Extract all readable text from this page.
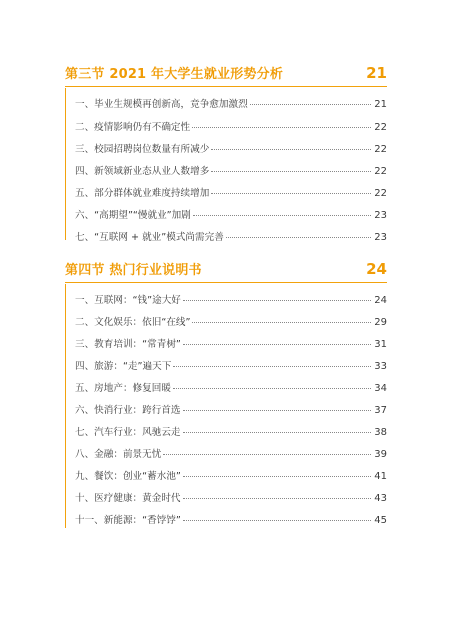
第三节 2021 年大学生就业形势分析	21
一、毕业生规模再创新高，竞争愈加激烈	21
二、疫情影响仍有不确定性	22
三、校园招聘岗位数量有所减少	22
四、新领域新业态从业人数增多	22
五、部分群体就业难度持续增加	22
六、“高期望”“慢就业”加剧	23
七、“互联网 + 就业”模式尚需完善	23
第四节 热门行业说明书	24
一、互联网：“钱”途大好	24
二、文化娱乐：依旧“在线”	29
三、教育培训：“常青树”	31
四、旅游：“走”遍天下	33
五、房地产：修复回暖	34
六、快消行业：跨行首选	37
七、汽车行业：风驰云走	38
八、金融：前景无忧	39
九、餐饮：创业“蓄水池”	41
十、医疗健康：黄金时代	43
十一、新能源：“香饽饽”	45
